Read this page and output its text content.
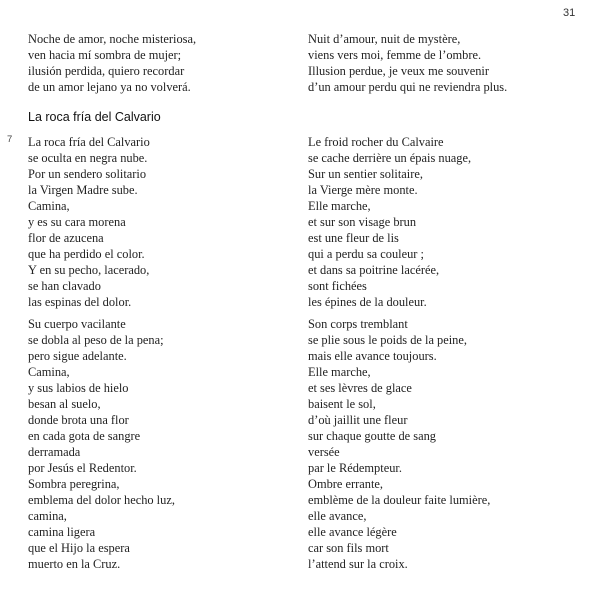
31
La roca fría del Calvario
7
Noche de amor, noche misteriosa,
ven hacia mí sombra de mujer;
ilusión perdida, quiero recordar
de un amor lejano ya no volverá.
La roca fría del Calvario
se oculta en negra nube.
Por un sendero solitario
la Virgen Madre sube.
Camina,
y es su cara morena
flor de azucena
que ha perdido el color.
Y en su pecho, lacerado,
se han clavado
las espinas del dolor.
Su cuerpo vacilante
se dobla al peso de la pena;
pero sigue adelante.
Camina,
y sus labios de hielo
besan al suelo,
donde brota una flor
en cada gota de sangre
derramada
por Jesús el Redentor.
Sombra peregrina,
emblema del dolor hecho luz,
camina,
camina ligera
que el Hijo la espera
muerto en la Cruz.
Nuit d’amour, nuit de mystère,
viens vers moi, femme de l’ombre.
Illusion perdue, je veux me souvenir
d’un amour perdu qui ne reviendra plus.
Le froid rocher du Calvaire
se cache derrière un épais nuage,
Sur un sentier solitaire,
la Vierge mère monte.
Elle marche,
et sur son visage brun
est une fleur de lis
qui a perdu sa couleur ;
et dans sa poitrine lacérée,
sont fichées
les épines de la douleur.
Son corps tremblant
se plie sous le poids de la peine,
mais elle avance toujours.
Elle marche,
et ses lèvres de glace
baisent le sol,
d’où jaillit une fleur
sur chaque goutte de sang
versée
par le Rédempteur.
Ombre errante,
emblème de la douleur faite lumière,
elle avance,
elle avance légère
car son fils mort
l’attend sur la croix.
